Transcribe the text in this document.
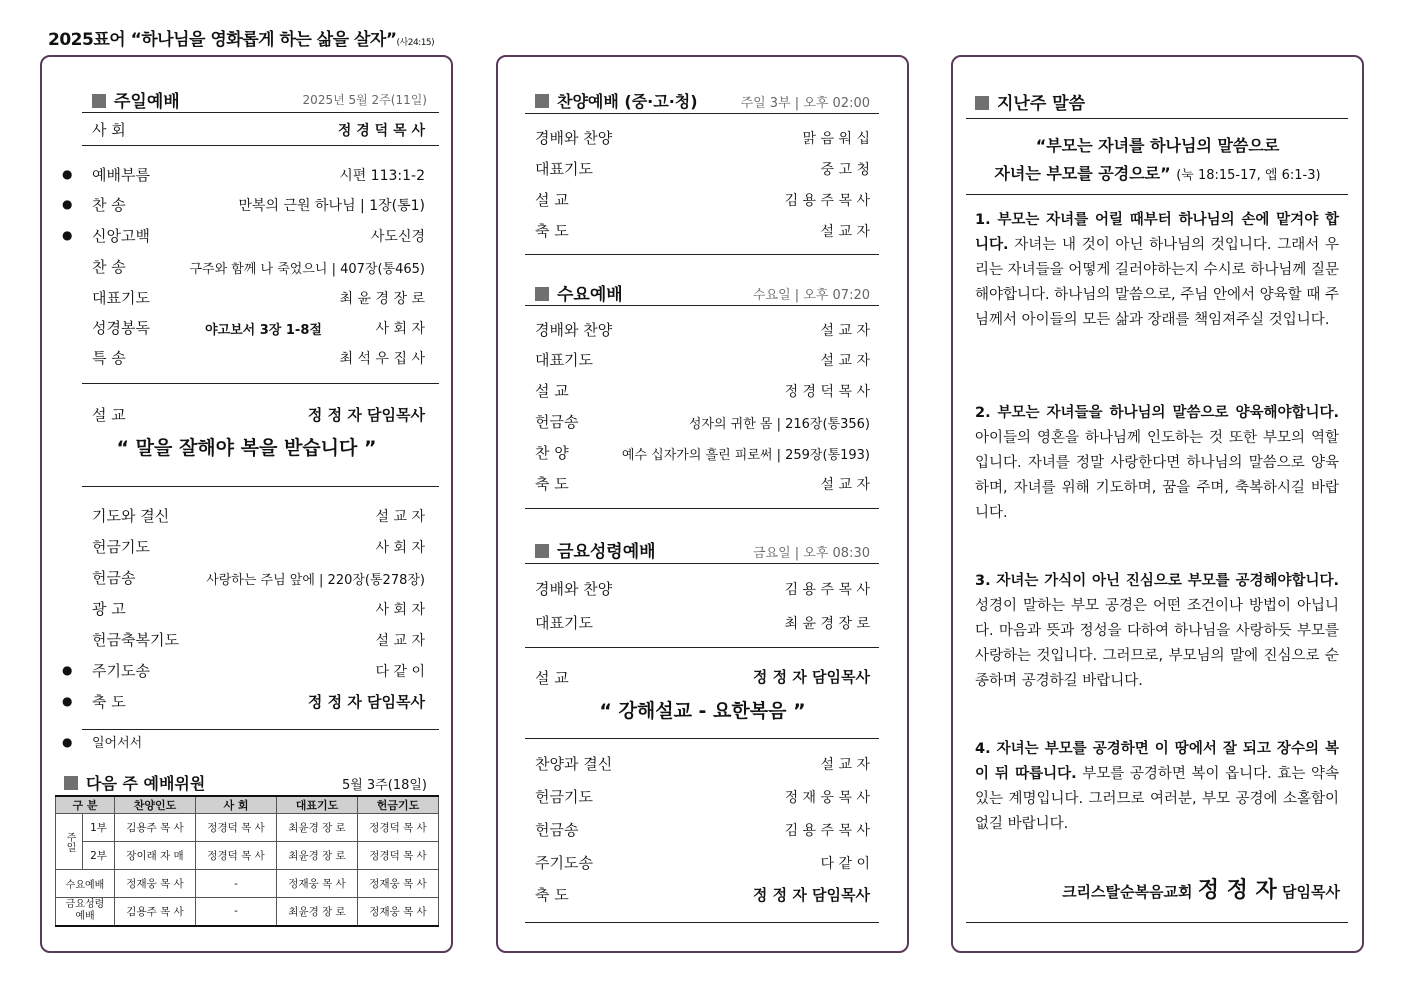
2025표어 “하나님을 영화롭게 하는 삶을 살자”(사24:15)
주일예배	2025년 5월 2주(11일)
사 회	정 경 덕 목 사
● 예배부름	시편 113:1-2
● 찬 송	만복의 근원 하나님 | 1장(통1)
● 신앙고백	사도신경
찬 송	구주와 함께 나 죽었으니 | 407장(통465)
대표기도	최 윤 경 장 로
성경봉독	야고보서 3장 1-8절	사 회 자
특 송	최 석 우 집 사
설 교	정 정 자 담임목사
“ 말을 잘해야 복을 받습니다 ”
기도와 결신	설 교 자
헌금기도	사 회 자
헌금송	사랑하는 주님 앞에 | 220장(통278장)
광 고	사 회 자
헌금축복기도	설 교 자
● 주기도송	다 같 이
● 축 도	정 정 자 담임목사
● 일어서서
다음 주 예배위원	5월 3주(18일)
구 분		찬양인도	사 회	대표기도	헌금기도
주일	1부	김용주 목 사	정경덕 목 사	최윤경 장 로	정경덕 목 사
	2부	장이래 자 매	정경덕 목 사	최윤경 장 로	정경덕 목 사
수요예배		정재웅 목 사	-	정재웅 목 사	정재웅 목 사
금요성령 예배		김용주 목 사	-	최윤경 장 로	정재웅 목 사
찬양예배 (중·고·청)	주일 3부 | 오후 02:00
경배와 찬양	맑 음 워 십
대표기도	중 고 청
설 교	김 용 주 목 사
축 도	설 교 자
수요예배	수요일 | 오후 07:20
경배와 찬양	설 교 자
대표기도	설 교 자
설 교	정 경 덕 목 사
헌금송	성자의 귀한 몸 | 216장(통356)
찬 양	예수 십자가의 흘린 피로써 | 259장(통193)
축 도	설 교 자
금요성령예배	금요일 | 오후 08:30
경배와 찬양	김 용 주 목 사
대표기도	최 윤 경 장 로
설 교	정 정 자 담임목사
“ 강해설교 - 요한복음 ”
찬양과 결신	설 교 자
헌금기도	정 재 웅 목 사
헌금송	김 용 주 목 사
주기도송	다 같 이
축 도	정 정 자 담임목사
지난주 말씀
“부모는 자녀를 하나님의 말씀으로
자녀는 부모를 공경으로” (눅 18:15-17, 엡 6:1-3)
1. 부모는 자녀를 어릴 때부터 하나님의 손에 맡겨야 합니다. 자녀는 내 것이 아닌 하나님의 것입니다. 그래서 우리는 자녀들을 어떻게 길러야하는지 수시로 하나님께 질문해야합니다. 하나님의 말씀으로, 주님 안에서 양육할 때 주님께서 아이들의 모든 삶과 장래를 책임져주실 것입니다.
2. 부모는 자녀들을 하나님의 말씀으로 양육해야합니다. 아이들의 영혼을 하나님께 인도하는 것 또한 부모의 역할입니다. 자녀를 정말 사랑한다면 하나님의 말씀으로 양육하며, 자녀를 위해 기도하며, 꿈을 주며, 축복하시길 바랍니다.
3. 자녀는 가식이 아닌 진심으로 부모를 공경해야합니다. 성경이 말하는 부모 공경은 어떤 조건이나 방법이 아닙니다. 마음과 뜻과 정성을 다하여 하나님을 사랑하듯 부모를 사랑하는 것입니다. 그러므로, 부모님의 말에 진심으로 순종하며 공경하길 바랍니다.
4. 자녀는 부모를 공경하면 이 땅에서 잘 되고 장수의 복이 뒤 따릅니다. 부모를 공경하면 복이 옵니다. 효는 약속 있는 계명입니다. 그러므로 여러분, 부모 공경에 소홀함이 없길 바랍니다.
크리스탈순복음교회 정 정 자 담임목사
